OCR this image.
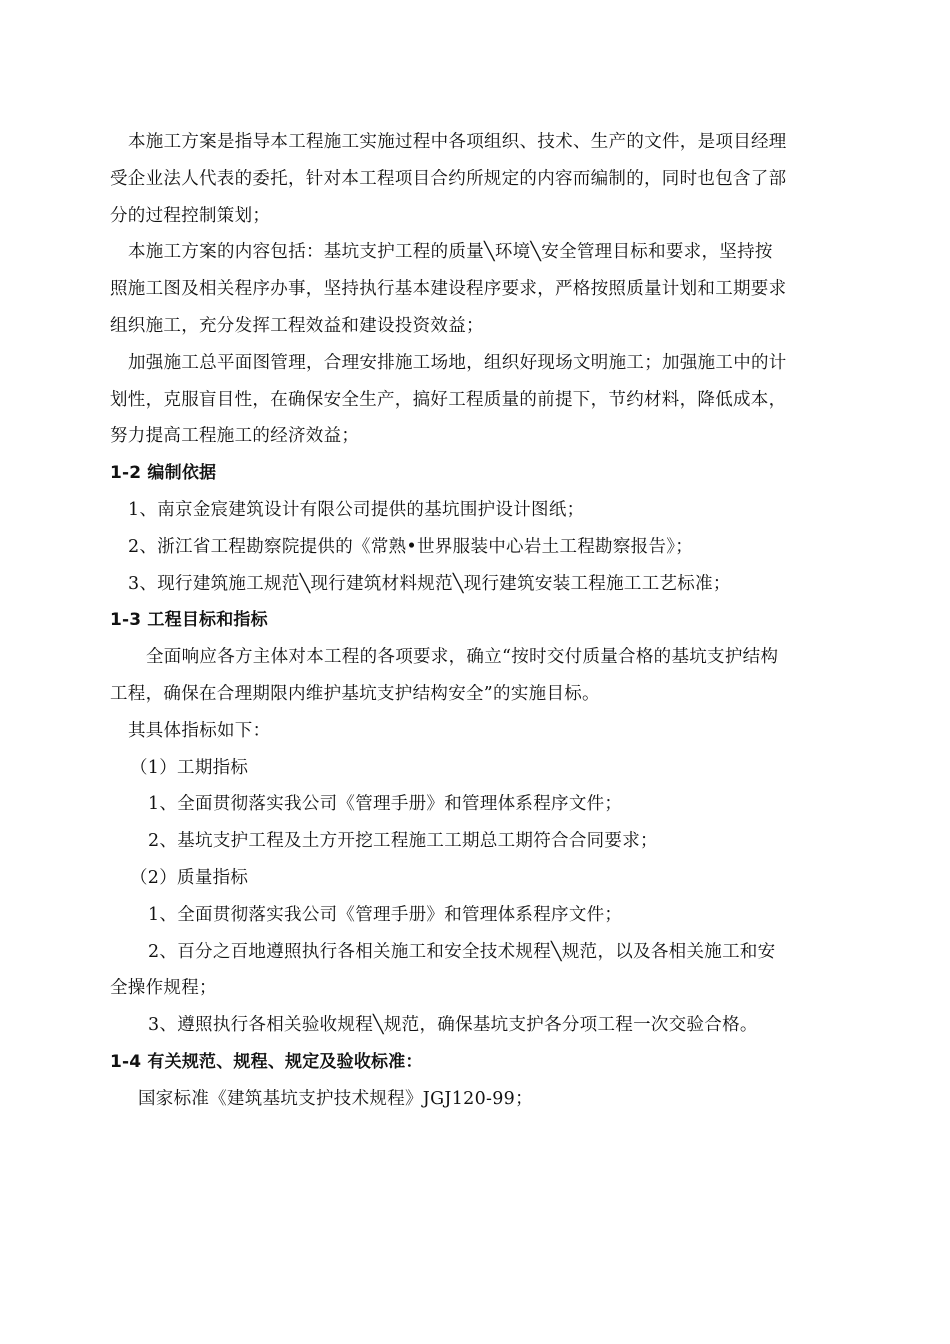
本施工方案是指导本工程施工实施过程中各项组织、技术、生产的文件，是项目经理
受企业法人代表的委托，针对本工程项目合约所规定的内容而编制的，同时也包含了部
分的过程控制策划；
本施工方案的内容包括：基坑支护工程的质量╲环境╲安全管理目标和要求，坚持按
照施工图及相关程序办事，坚持执行基本建设程序要求，严格按照质量计划和工期要求
组织施工，充分发挥工程效益和建设投资效益；
加强施工总平面图管理，合理安排施工场地，组织好现场文明施工；加强施工中的计
划性，克服盲目性，在确保安全生产，搞好工程质量的前提下，节约材料，降低成本，
努力提高工程施工的经济效益；
1-2 编制依据
1、南京金宸建筑设计有限公司提供的基坑围护设计图纸；
2、浙江省工程勘察院提供的《常熟•世界服装中心岩土工程勘察报告》；
3、现行建筑施工规范╲现行建筑材料规范╲现行建筑安装工程施工工艺标准；
1-3 工程目标和指标
全面响应各方主体对本工程的各项要求，确立“按时交付质量合格的基坑支护结构
工程，确保在合理期限内维护基坑支护结构安全”的实施目标。
其具体指标如下：
（1）工期指标
1、全面贯彻落实我公司《管理手册》和管理体系程序文件；
2、基坑支护工程及土方开挖工程施工工期总工期符合合同要求；
（2）质量指标
1、全面贯彻落实我公司《管理手册》和管理体系程序文件；
2、百分之百地遵照执行各相关施工和安全技术规程╲规范，以及各相关施工和安
全操作规程；
3、遵照执行各相关验收规程╲规范，确保基坑支护各分项工程一次交验合格。
1-4 有关规范、规程、规定及验收标准：
国家标准《建筑基坑支护技术规程》JGJ120-99；
